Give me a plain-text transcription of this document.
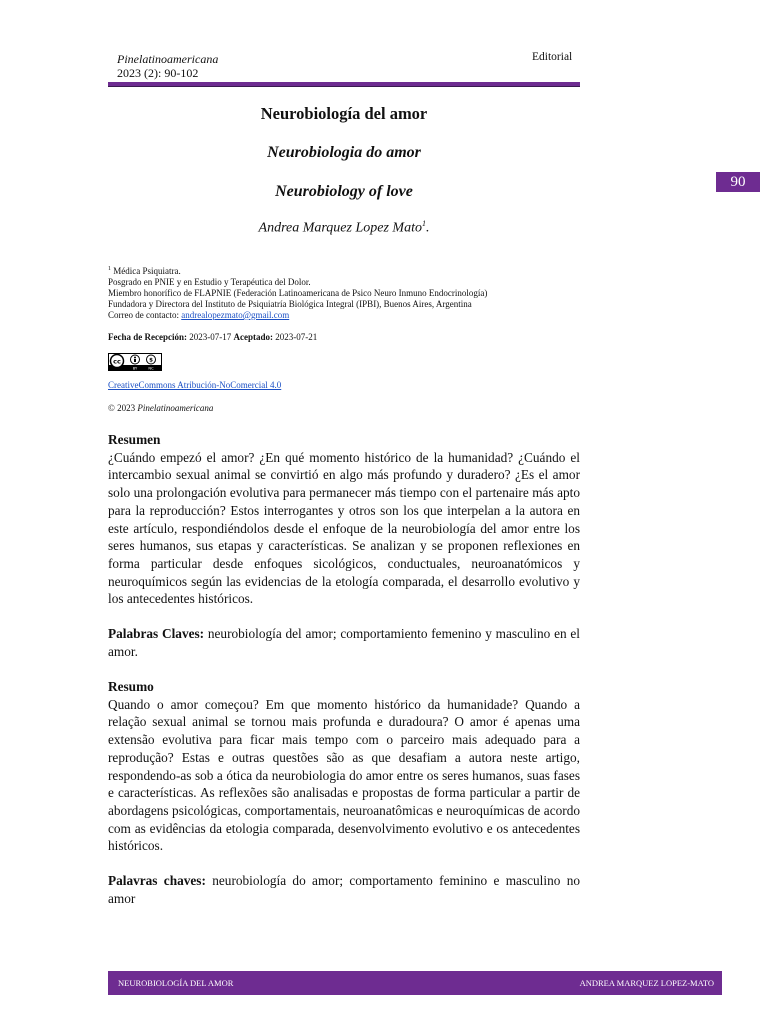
Pinelatinoamericana
2023 (2): 90-102
Editorial
90
Neurobiología del amor
Neurobiologia do amor
Neurobiology of love
Andrea Marquez Lopez Mato$^1$.
$^1$ Médica Psiquiatra.
Posgrado en PNIE y en Estudio y Terapéutica del Dolor.
Miembro honorífico de FLAPNIE (Federación Latinoamericana de Psico Neuro Inmuno Endocrinología)
Fundadora y Directora del Instituto de Psiquiatría Biológica Integral (IPBI), Buenos Aires, Argentina
Correo de contacto: andrealopezmato@gmail.com
Fecha de Recepción: 2023-07-17 Aceptado: 2023-07-21
cc	$
BY	NC
CreativeCommons Atribución-NoComercial 4.0
© 2023 Pinelatinoamericana
Resumen
¿Cuándo empezó el amor? ¿En qué momento histórico de la humanidad? ¿Cuándo el intercambio sexual animal se convirtió en algo más profundo y duradero? ¿Es el amor solo una prolongación evolutiva para permanecer más tiempo con el partenaire más apto para la reproducción? Estos interrogantes y otros son los que interpelan a la autora en este artículo, respondiéndolos desde el enfoque de la neurobiología del amor entre los seres humanos, sus etapas y características. Se analizan y se proponen reflexiones en forma particular desde enfoques sicológicos, conductuales, neuroanatómicos y neuroquímicos según las evidencias de la etología comparada, el desarrollo evolutivo y los antecedentes históricos.
Palabras Claves: neurobiología del amor; comportamiento femenino y masculino en el amor.
Resumo
Quando o amor começou? Em que momento histórico da humanidade? Quando a relação sexual animal se tornou mais profunda e duradoura? O amor é apenas uma extensão evolutiva para ficar mais tempo com o parceiro mais adequado para a reprodução? Estas e outras questões são as que desafiam a autora neste artigo, respondendo-as sob a ótica da neurobiologia do amor entre os seres humanos, suas fases e características. As reflexões são analisadas e propostas de forma particular a partir de abordagens psicológicas, comportamentais, neuroanatômicas e neuroquímicas de acordo com as evidências da etologia comparada, desenvolvimento evolutivo e os antecedentes históricos.
Palavras chaves: neurobiología do amor; comportamento feminino e masculino no amor
NEUROBIOLOGÍA DEL AMOR	ANDREA MARQUEZ LOPEZ-MATO
